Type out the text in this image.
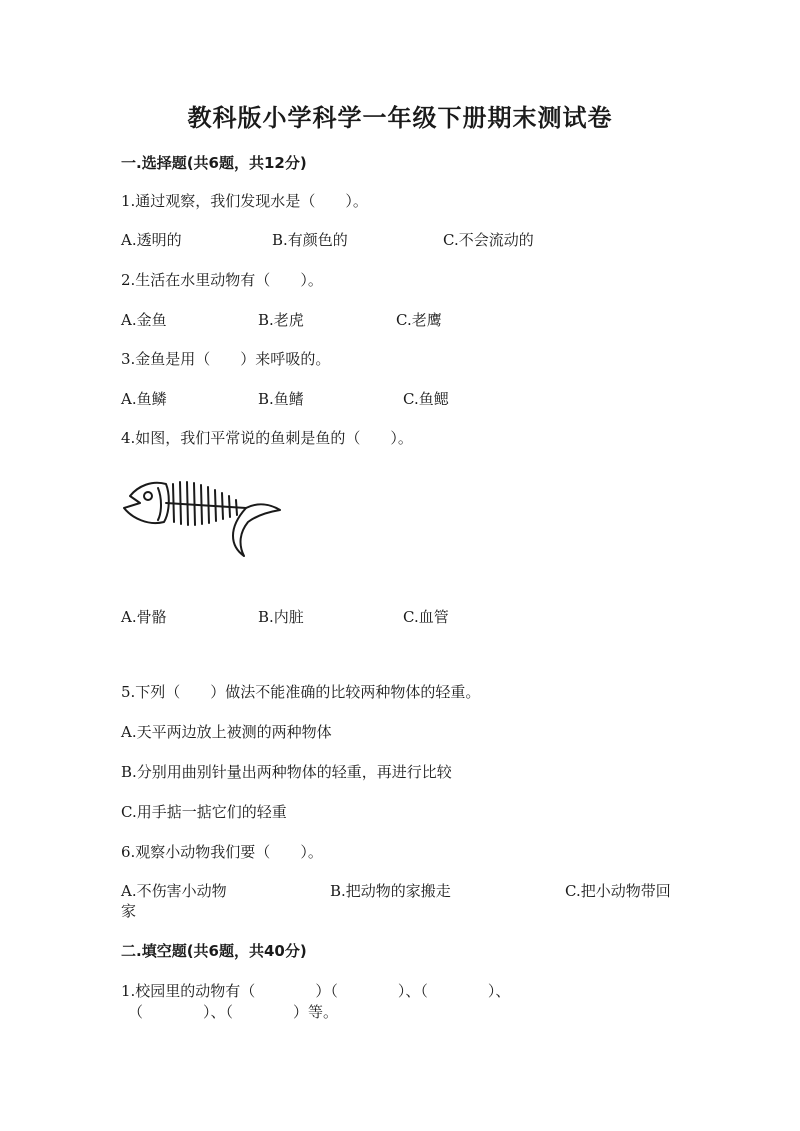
教科版小学科学一年级下册期末测试卷
一.选择题(共6题，共12分)
1.通过观察，我们发现水是（　　）。
A.透明的	B.有颜色的	C.不会流动的
2.生活在水里动物有（　　）。
A.金鱼	B.老虎	C.老鹰
3.金鱼是用（　　）来呼吸的。
A.鱼鳞	B.鱼鳍	C.鱼鳃
4.如图，我们平常说的鱼刺是鱼的（　　）。
A.骨骼	B.内脏	C.血管
5.下列（　　）做法不能准确的比较两种物体的轻重。
A.天平两边放上被测的两种物体
B.分别用曲别针量出两种物体的轻重，再进行比较
C.用手掂一掂它们的轻重
6.观察小动物我们要（　　）。
A.不伤害小动物	B.把动物的家搬走	C.把小动物带回
家
二.填空题(共6题，共40分)
1.校园里的动物有（　　　　）（　　　　）、（　　　　）、
（　　　　）、（　　　　）等。
